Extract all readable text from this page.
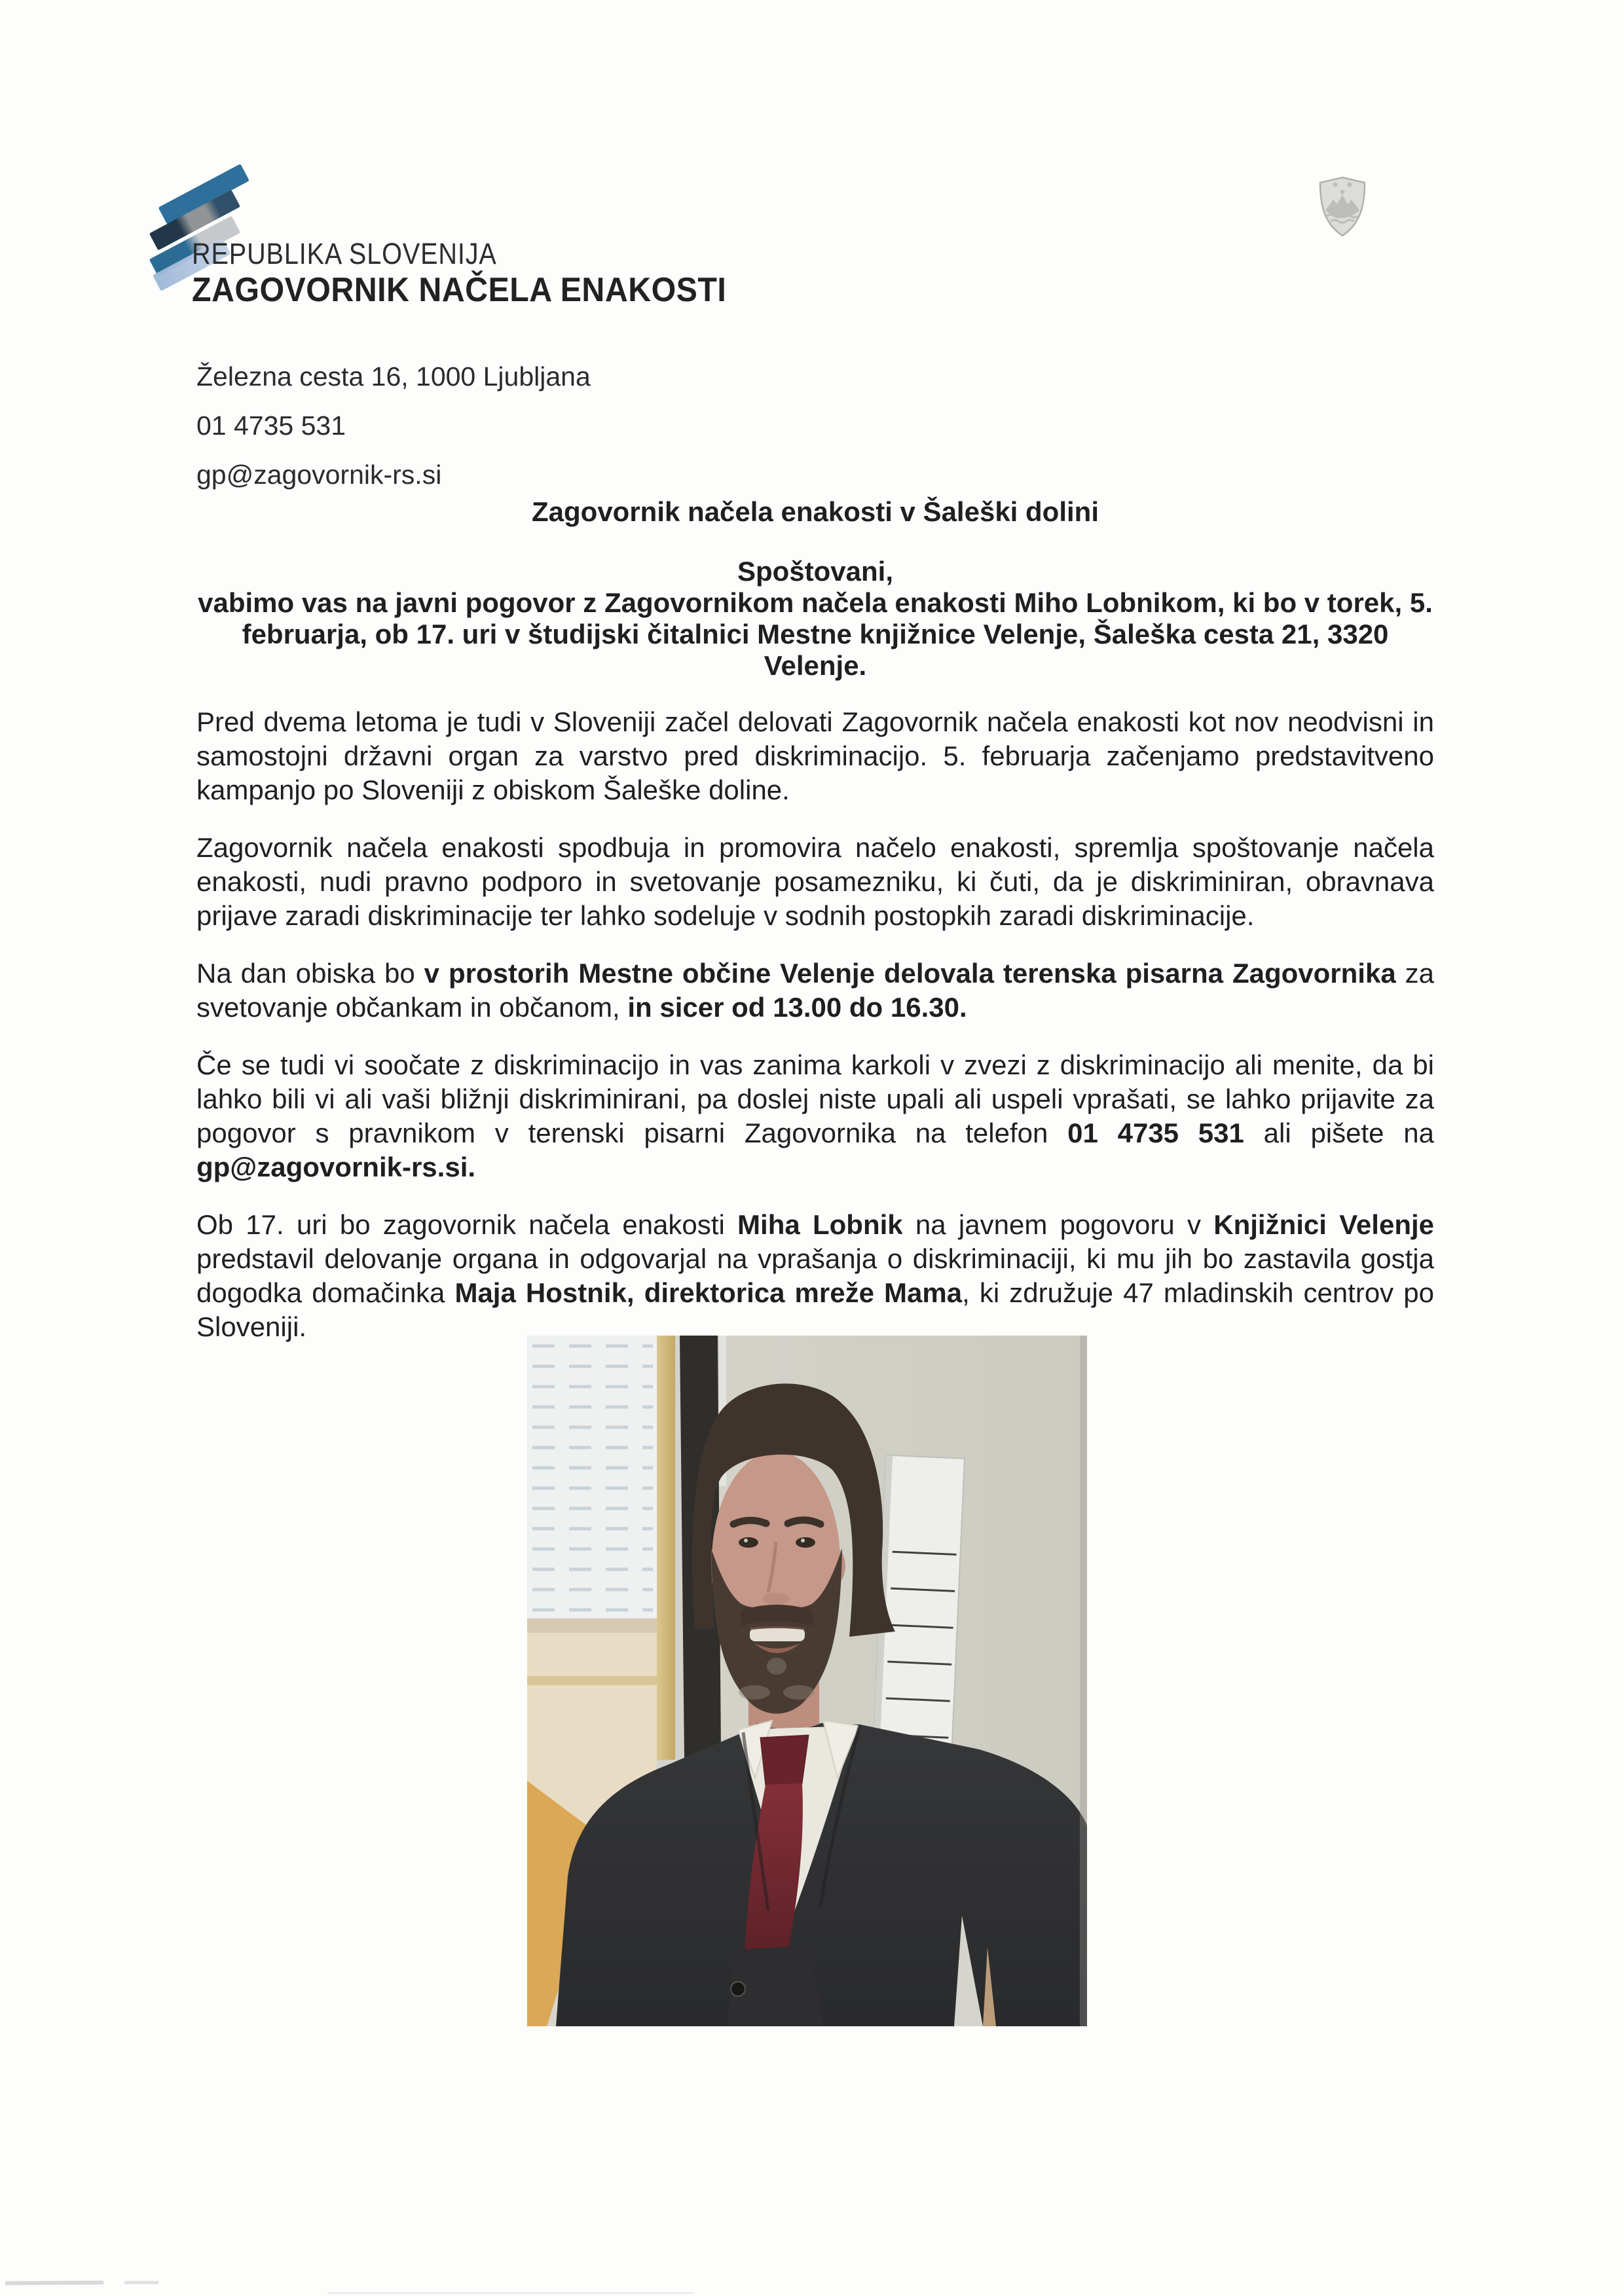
REPUBLIKA SLOVENIJA
ZAGOVORNIK NAČELA ENAKOSTI
Železna cesta 16, 1000 Ljubljana
01 4735 531
gp@zagovornik-rs.si
Zagovornik načela enakosti v Šaleški dolini
Spoštovani,
vabimo vas na javni pogovor z Zagovornikom načela enakosti Miho Lobnikom, ki bo v torek, 5.
februarja, ob 17. uri v študijski čitalnici Mestne knjižnice Velenje, Šaleška cesta 21, 3320 Velenje.

Pred dvema letoma je tudi v Sloveniji začel delovati Zagovornik načela enakosti kot nov neodvisni in samostojni državni organ za varstvo pred diskriminacijo. 5. februarja začenjamo predstavitveno kampanjo po Sloveniji z obiskom Šaleške doline.

Zagovornik načela enakosti spodbuja in promovira načelo enakosti, spremlja spoštovanje načela enakosti, nudi pravno podporo in svetovanje posamezniku, ki čuti, da je diskriminiran, obravnava prijave zaradi diskriminacije ter lahko sodeluje v sodnih postopkih zaradi diskriminacije.

Na dan obiska bo v prostorih Mestne občine Velenje delovala terenska pisarna Zagovornika za svetovanje občankam in občanom, in sicer od 13.00 do 16.30.

Če se tudi vi soočate z diskriminacijo in vas zanima karkoli v zvezi z diskriminacijo ali menite, da bi lahko bili vi ali vaši bližnji diskriminirani, pa doslej niste upali ali uspeli vprašati, se lahko prijavite za pogovor s pravnikom v terenski pisarni Zagovornika na telefon 01 4735 531 ali pišete na gp@zagovornik-rs.si.

Ob 17. uri bo zagovornik načela enakosti Miha Lobnik na javnem pogovoru v Knjižnici Velenje predstavil delovanje organa in odgovarjal na vprašanja o diskriminaciji, ki mu jih bo zastavila gostja dogodka domačinka Maja Hostnik, direktorica mreže Mama, ki združuje 47 mladinskih centrov po Sloveniji.
